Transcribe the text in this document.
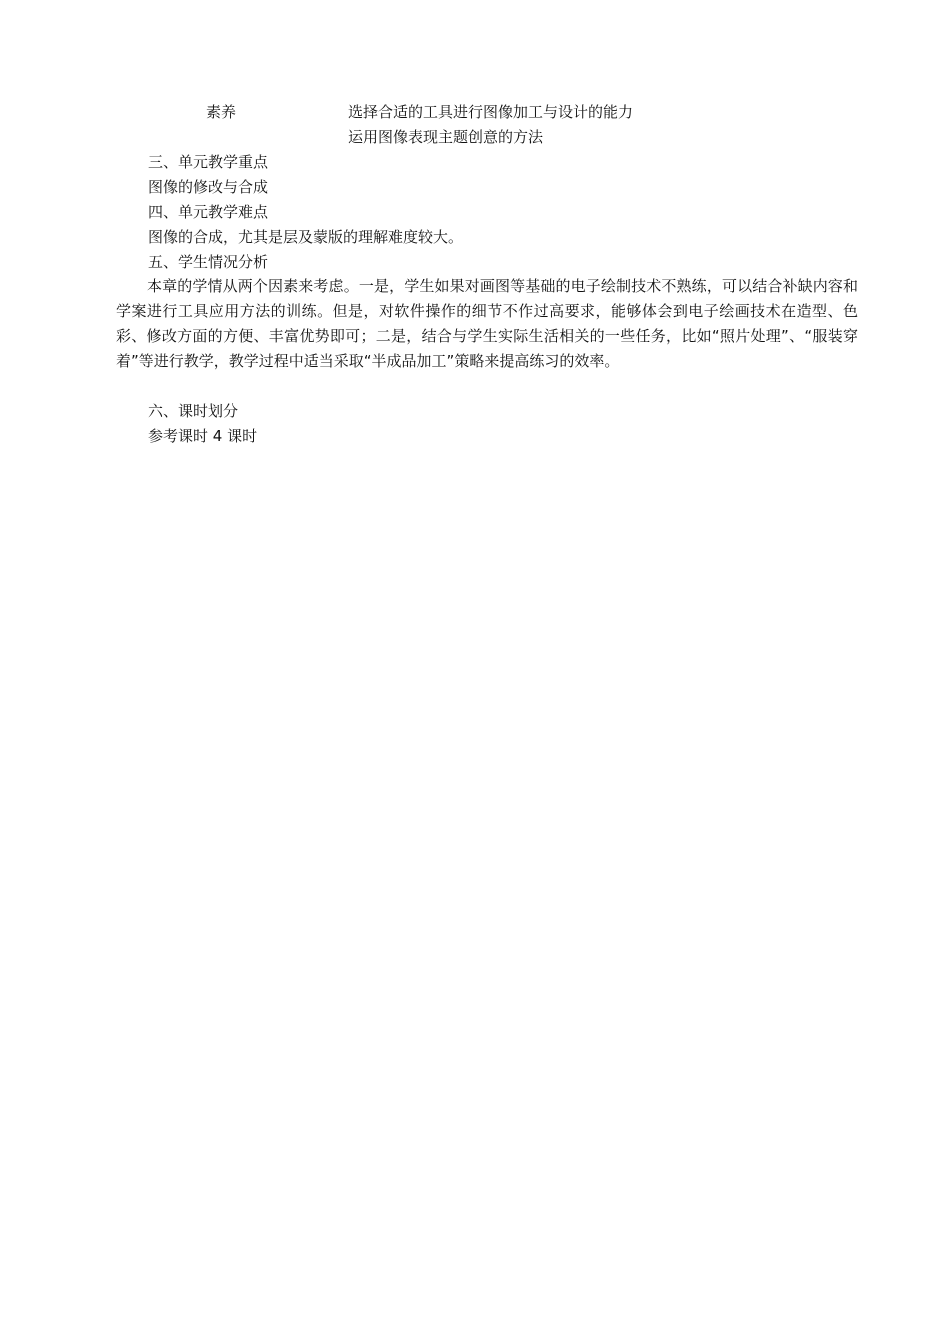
素养	选择合适的工具进行图像加工与设计的能力
运用图像表现主题创意的方法
三、单元教学重点
图像的修改与合成
四、单元教学难点
图像的合成，尤其是层及蒙版的理解难度较大。
五、学生情况分析
本章的学情从两个因素来考虑。一是，学生如果对画图等基础的电子绘制技术不熟练，可以结合补缺内容和学案进行工具应用方法的训练。但是，对软件操作的细节不作过高要求，能够体会到电子绘画技术在造型、色彩、修改方面的方便、丰富优势即可；二是，结合与学生实际生活相关的一些任务，比如“照片处理”、“服装穿着”等进行教学，教学过程中适当采取“半成品加工”策略来提高练习的效率。
六、课时划分
参考课时 4 课时
